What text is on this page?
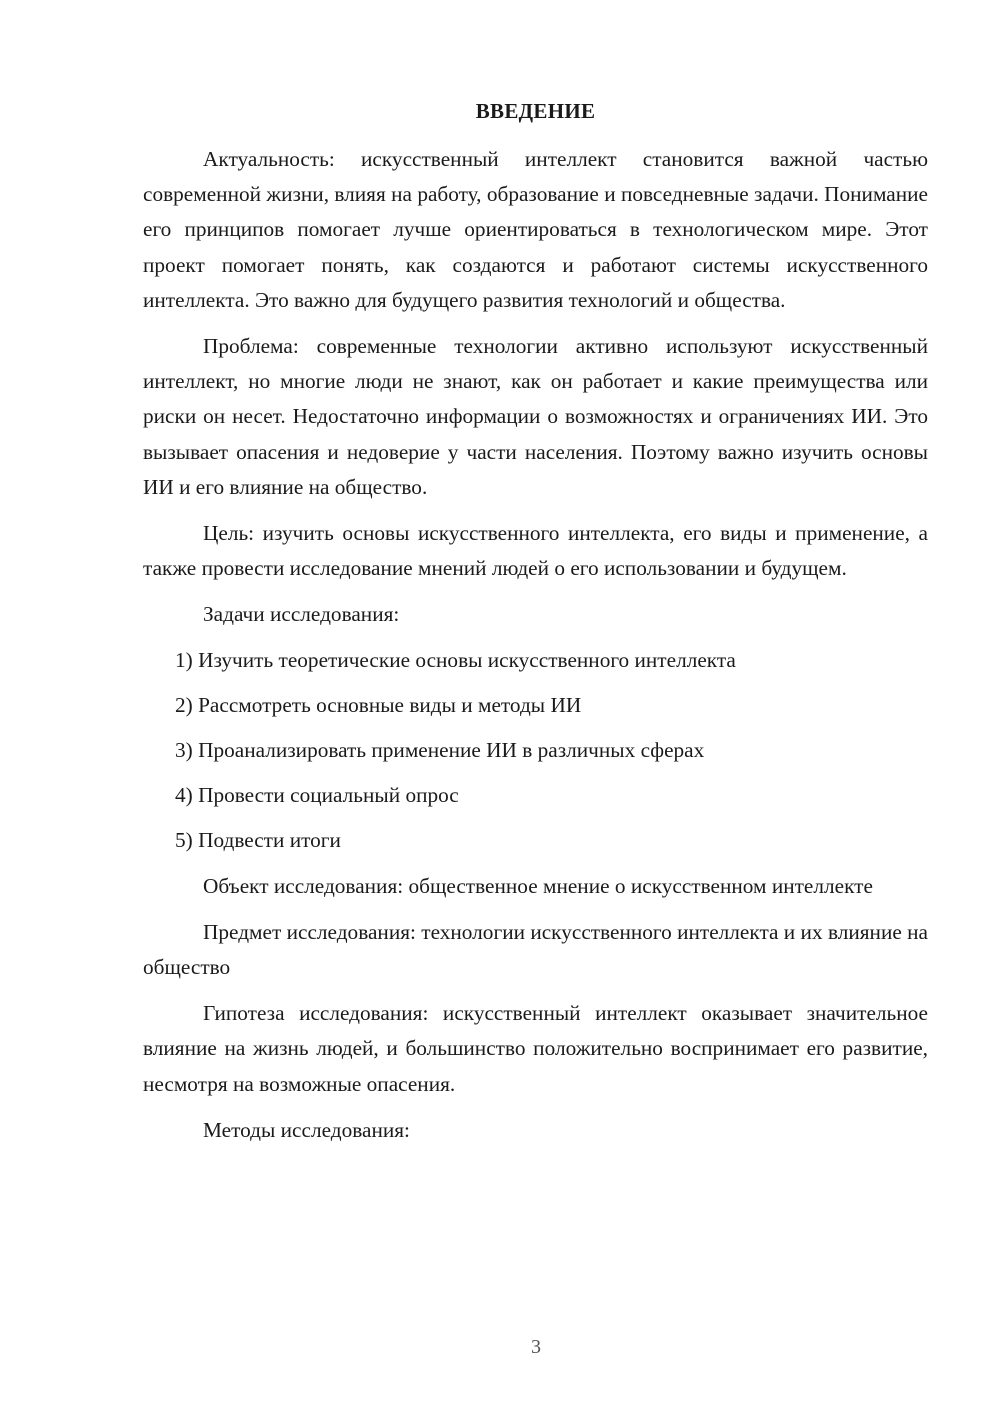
ВВЕДЕНИЕ

Актуальность: искусственный интеллект становится важной частью современной жизни, влияя на работу, образование и повседневные задачи. Понимание его принципов помогает лучше ориентироваться в технологическом мире. Этот проект помогает понять, как создаются и работают системы искусственного интеллекта. Это важно для будущего развития технологий и общества.

Проблема: современные технологии активно используют искусственный интеллект, но многие люди не знают, как он работает и какие преимущества или риски он несет. Недостаточно информации о возможностях и ограничениях ИИ. Это вызывает опасения и недоверие у части населения. Поэтому важно изучить основы ИИ и его влияние на общество.

Цель: изучить основы искусственного интеллекта, его виды и применение, а также провести исследование мнений людей о его использовании и будущем.

Задачи исследования:

1) Изучить теоретические основы искусственного интеллекта
2) Рассмотреть основные виды и методы ИИ
3) Проанализировать применение ИИ в различных сферах
4) Провести социальный опрос
5) Подвести итоги

Объект исследования: общественное мнение о искусственном интеллекте

Предмет исследования: технологии искусственного интеллекта и их влияние на общество

Гипотеза исследования: искусственный интеллект оказывает значительное влияние на жизнь людей, и большинство положительно воспринимает его развитие, несмотря на возможные опасения.

Методы исследования:

3
